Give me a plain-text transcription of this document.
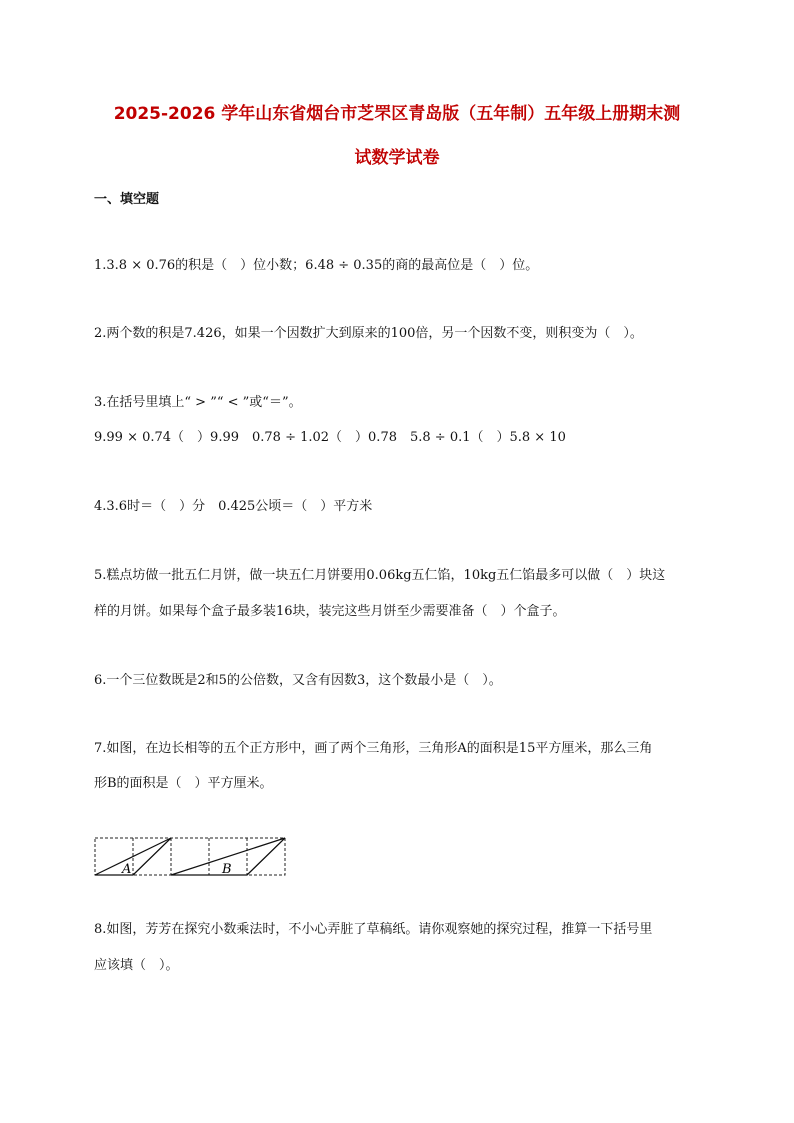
2025-2026 学年山东省烟台市芝罘区青岛版（五年制）五年级上册期末测
试数学试卷
一、填空题
1.3.8 × 0.76的积是（　）位小数；6.48 ÷ 0.35的商的最高位是（　）位。
2.两个数的积是7.426，如果一个因数扩大到原来的100倍，另一个因数不变，则积变为（　）。
3.在括号里填上“ > ”“ < ”或“＝”。
9.99 × 0.74（　）9.99　0.78 ÷ 1.02（　）0.78　5.8 ÷ 0.1（　）5.8 × 10
4.3.6时＝（　）分　0.425公顷＝（　）平方米
5.糕点坊做一批五仁月饼，做一块五仁月饼要用0.06kg五仁馅，10kg五仁馅最多可以做（　）块这
样的月饼。如果每个盒子最多装16块，装完这些月饼至少需要准备（　）个盒子。
6.一个三位数既是2和5的公倍数，又含有因数3，这个数最小是（　）。
7.如图，在边长相等的五个正方形中，画了两个三角形，三角形A的面积是15平方厘米，那么三角
形B的面积是（　）平方厘米。
A	B
8.如图，芳芳在探究小数乘法时，不小心弄脏了草稿纸。请你观察她的探究过程，推算一下括号里
应该填（　）。
